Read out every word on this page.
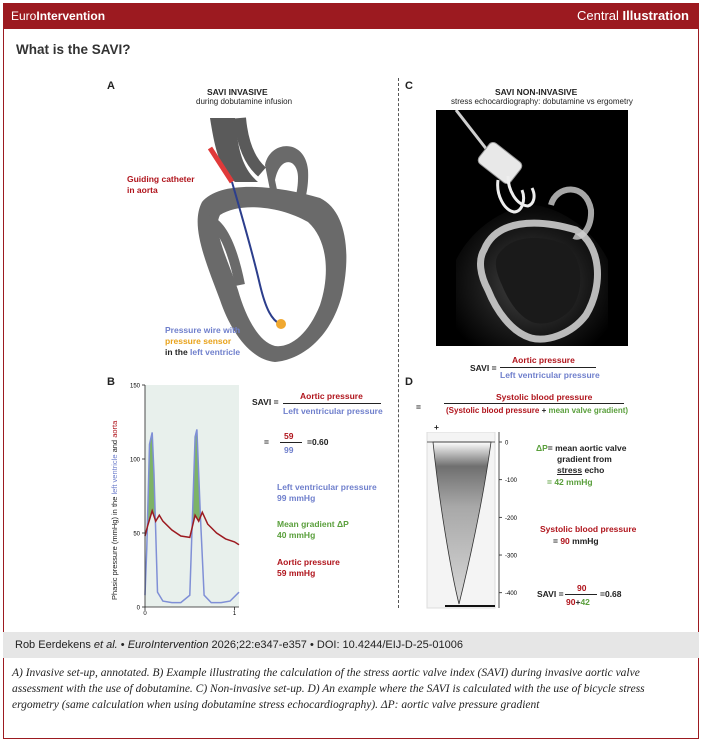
EuroIntervention	Central Illustration
What is the SAVI?
A	SAVI INVASIVE
during dobutamine infusion
Guiding catheter
in aorta
Pressure wire with
pressure sensor
in the left ventricle
B
Phasic pressure (mmHg) in the left ventricle and aorta
0
50
100
150
0	1
SAVI =
Aortic pressure
Left ventricular pressure
=
59
99
=0.60
Left ventricular pressure
99 mmHg
Mean gradient ΔP
40 mmHg
Aortic pressure
59 mmHg
C	SAVI NON-INVASIVE
stress echocardiography: dobutamine vs ergometry
SAVI =
Aortic pressure
Left ventricular pressure
D
=
Systolic blood pressure
(Systolic blood pressure + mean valve gradient)
+
0
-100
-200
-300
-400
ΔP= mean aortic valve
gradient from
stress echo
= 42 mmHg
Systolic blood pressure
= 90 mmHg
SAVI =
90
90+42
=0.68
Rob Eerdekens et al. • EuroIntervention 2026;22:e347-e357 • DOI: 10.4244/EIJ-D-25-01006
A) Invasive set-up, annotated. B) Example illustrating the calculation of the stress aortic valve index (SAVI) during invasive aortic valve assessment with the use of dobutamine. C) Non-invasive set-up. D) An example where the SAVI is calculated with the use of bicycle stress ergometry (same calculation when using dobutamine stress echocardiography). ΔP: aortic valve pressure gradient
